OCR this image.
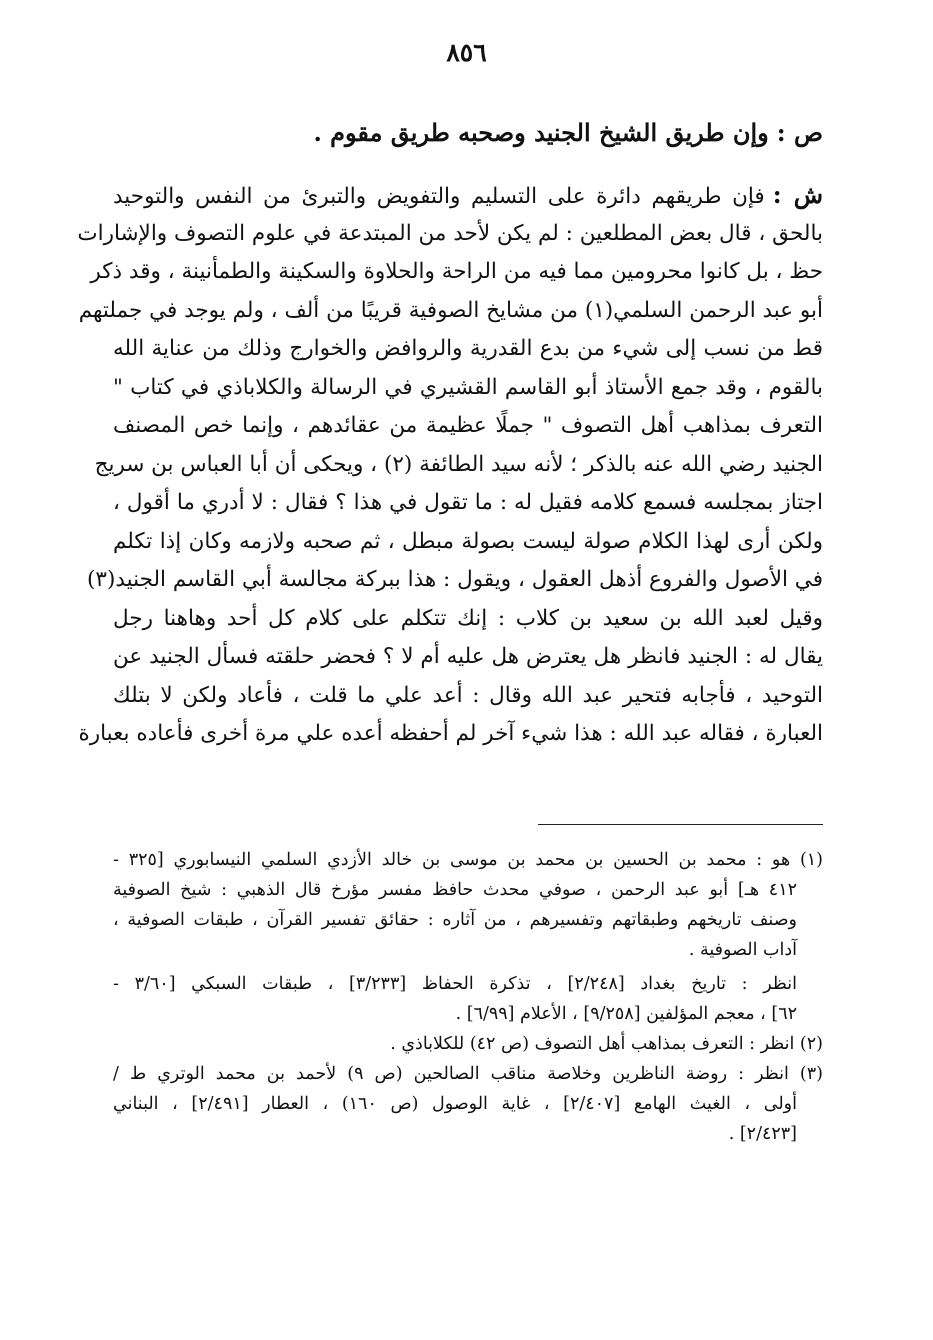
٨٥٦
ص :وإن طريق الشيخ الجنيد وصحبه طريق مقوم .
ش :فإن طريقهم دائرة على التسليم والتفويض والتبرئ من النفس والتوحيد
بالحق ، قال بعض المطلعين : لم يكن لأحد من المبتدعة في علوم التصوف والإشارات
حظ ، بل كانوا محرومين مما فيه من الراحة والحلاوة والسكينة والطمأنينة ، وقد ذكر
أبو عبد الرحمن السلمي(١) من مشايخ الصوفية قريبًا من ألف ، ولم يوجد في جملتهم
قط من نسب إلى شيء من بدع القدرية والروافض والخوارج وذلك من عناية الله
بالقوم ، وقد جمع الأستاذ أبو القاسم القشيري في الرسالة والكلاباذي في كتاب "
التعرف بمذاهب أهل التصوف " جملًا عظيمة من عقائدهم ، وإنما خص المصنف
الجنيد رضي الله عنه بالذكر ؛ لأنه سيد الطائفة (٢) ، ويحكى أن أبا العباس بن سريج
اجتاز بمجلسه فسمع كلامه فقيل له : ما تقول في هذا ؟ فقال : لا أدري ما أقول ،
ولكن أرى لهذا الكلام صولة ليست بصولة مبطل ، ثم صحبه ولازمه وكان إذا تكلم
في الأصول والفروع أذهل العقول ، ويقول : هذا ببركة مجالسة أبي القاسم الجنيد(٣)
وقيل لعبد الله بن سعيد بن كلاب : إنك تتكلم على كلام كل أحد وهاهنا رجل
يقال له : الجنيد فانظر هل يعترض هل عليه أم لا ؟ فحضر حلقته فسأل الجنيد عن
التوحيد ، فأجابه فتحير عبد الله وقال : أعد علي ما قلت ، فأعاد ولكن لا بتلك
العبارة ، فقاله عبد الله : هذا شيء آخر لم أحفظه أعده علي مرة أخرى فأعاده بعبارة
(١) هو : محمد بن الحسين بن محمد بن موسى بن خالد الأزدي السلمي النيسابوري [٣٢٥ -
٤١٢ هـ] أبو عبد الرحمن ، صوفي محدث حافظ مفسر مؤرخ قال الذهبي : شيخ الصوفية
وصنف تاريخهم وطبقاتهم وتفسيرهم ، من آثاره : حقائق تفسير القرآن ، طبقات الصوفية ،
آداب الصوفية .
انظر : تاريخ بغداد [٢/٢٤٨] ، تذكرة الحفاظ [٣/٢٣٣] ، طبقات السبكي [٣/٦٠ -
٦٢] ، معجم المؤلفين [٩/٢٥٨] ، الأعلام [٦/٩٩] .
(٢) انظر : التعرف بمذاهب أهل التصوف (ص ٤٢) للكلاباذي .
(٣) انظر : روضة الناظرين وخلاصة مناقب الصالحين (ص ٩) لأحمد بن محمد الوتري ط /
أولى ، الغيث الهامع [٢/٤٠٧] ، غاية الوصول (ص ١٦٠) ، العطار [٢/٤٩١] ، البناني
[٢/٤٢٣] .
